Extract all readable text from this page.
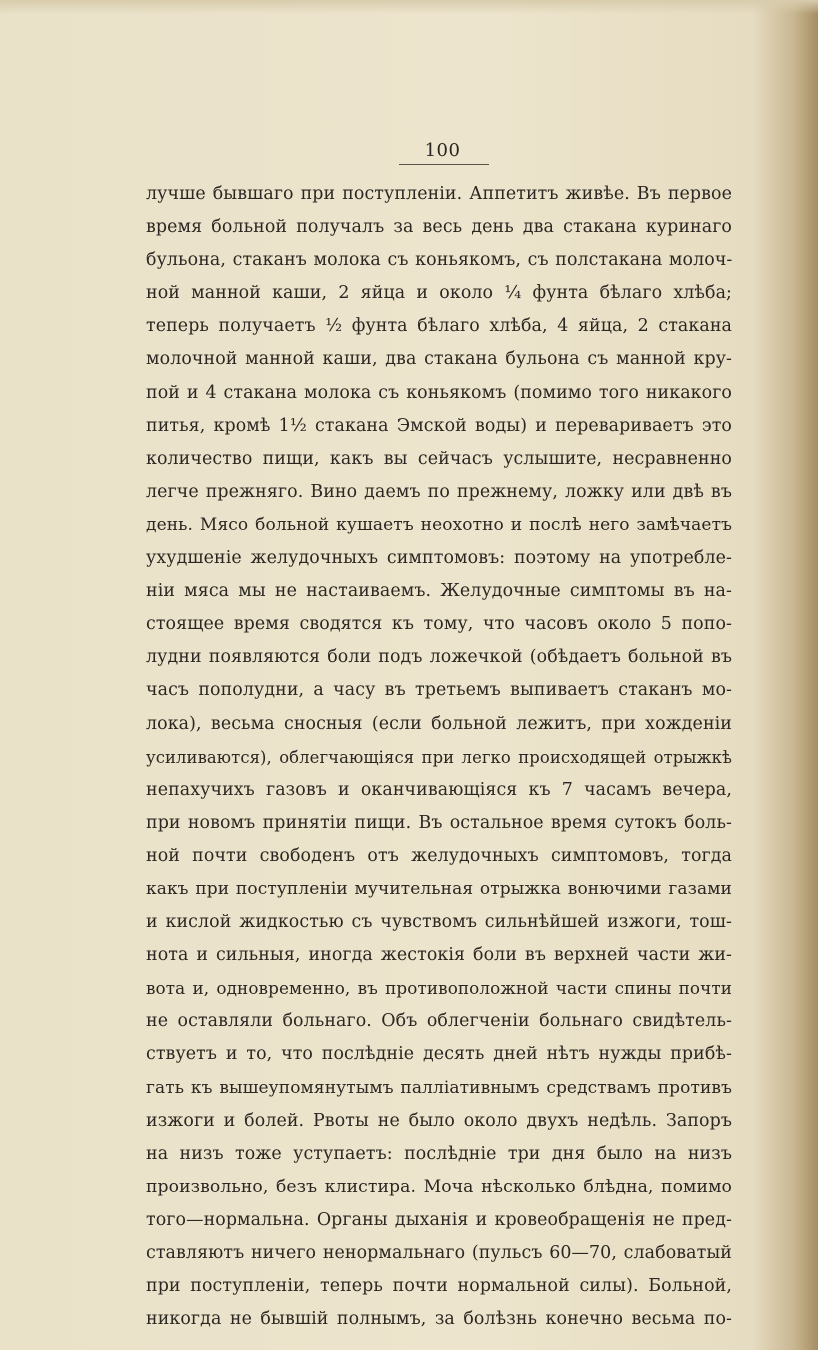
100
лучше бывшаго при поступленіи. Аппетитъ живѣе. Въ первое
время больной получалъ за весь день два стакана куринаго
бульона, стаканъ молока съ коньякомъ, съ полстакана молоч-
ной манной каши, 2 яйца и около ¼ фунта бѣлаго хлѣба;
теперь получаетъ ½ фунта бѣлаго хлѣба, 4 яйца, 2 стакана
молочной манной каши, два стакана бульона съ манной кру-
пой и 4 стакана молока съ коньякомъ (помимо того никакого
питья, кромѣ 1½ стакана Эмской воды) и перевариваетъ это
количество пищи, какъ вы сейчасъ услышите, несравненно
легче прежняго. Вино даемъ по прежнему, ложку или двѣ въ
день. Мясо больной кушаетъ неохотно и послѣ него замѣчаетъ
ухудшеніе желудочныхъ симптомовъ: поэтому на употребле-
ніи мяса мы не настаиваемъ. Желудочные симптомы въ на-
стоящее время сводятся къ тому, что часовъ около 5 попо-
лудни появляются боли подъ ложечкой (обѣдаетъ больной въ
часъ пополудни, а часу въ третьемъ выпиваетъ стаканъ мо-
лока), весьма сносныя (если больной лежитъ, при хожденіи
усиливаются), облегчающіяся при легко происходящей отрыжкѣ
непахучихъ газовъ и оканчивающіяся къ 7 часамъ вечера,
при новомъ принятіи пищи. Въ остальное время сутокъ боль-
ной почти свободенъ отъ желудочныхъ симптомовъ, тогда
какъ при поступленіи мучительная отрыжка вонючими газами
и кислой жидкостью съ чувствомъ сильнѣйшей изжоги, тош-
нота и сильныя, иногда жестокія боли въ верхней части жи-
вота и, одновременно, въ противоположной части спины почти
не оставляли больнаго. Объ облегченіи больнаго свидѣтель-
ствуетъ и то, что послѣдніе десять дней нѣтъ нужды прибѣ-
гать къ вышеупомянутымъ палліативнымъ средствамъ противъ
изжоги и болей. Рвоты не было около двухъ недѣль. Запоръ
на низъ тоже уступаетъ: послѣдніе три дня было на низъ
произвольно, безъ клистира. Моча нѣсколько блѣдна, помимо
того—нормальна. Органы дыханія и кровеобращенія не пред-
ставляютъ ничего ненормальнаго (пульсъ 60—70, слабоватый
при поступленіи, теперь почти нормальной силы). Больной,
никогда не бывшій полнымъ, за болѣзнь конечно весьма по-
